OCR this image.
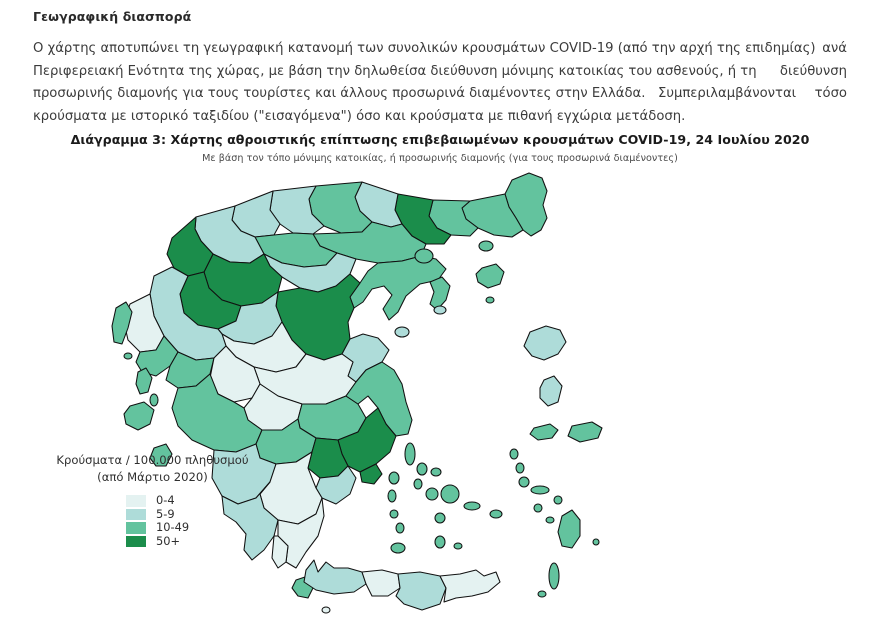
Γεωγραφική διασπορά
Ο χάρτης αποτυπώνει τη γεωγραφική κατανομή των συνολικών κρουσμάτων COVID-19 (από την αρχή της επιδημίας) ανά
Περιφερειακή Ενότητα της χώρας, με βάση την δηλωθείσα διεύθυνση μόνιμης κατοικίας του ασθενούς, ή τη διεύθυνση
προσωρινής διαμονής για τους τουρίστες και άλλους προσωρινά διαμένοντες στην Ελλάδα.   Συμπεριλαμβάνονται τόσο
κρούσματα με ιστορικό ταξιδίου ("εισαγόμενα") όσο και κρούσματα με πιθανή εγχώρια μετάδοση.
Διάγραμμα 3: Χάρτης αθροιστικής επίπτωσης επιβεβαιωμένων κρουσμάτων COVID-19, 24 Ιουλίου 2020
Με βάση τον τόπο μόνιμης κατοικίας, ή προσωρινής διαμονής (για τους προσωρινά διαμένοντες)
Κρούσματα / 100.000 πληθυσμού
(από Μάρτιο 2020)
0-4
5-9
10-49
50+
